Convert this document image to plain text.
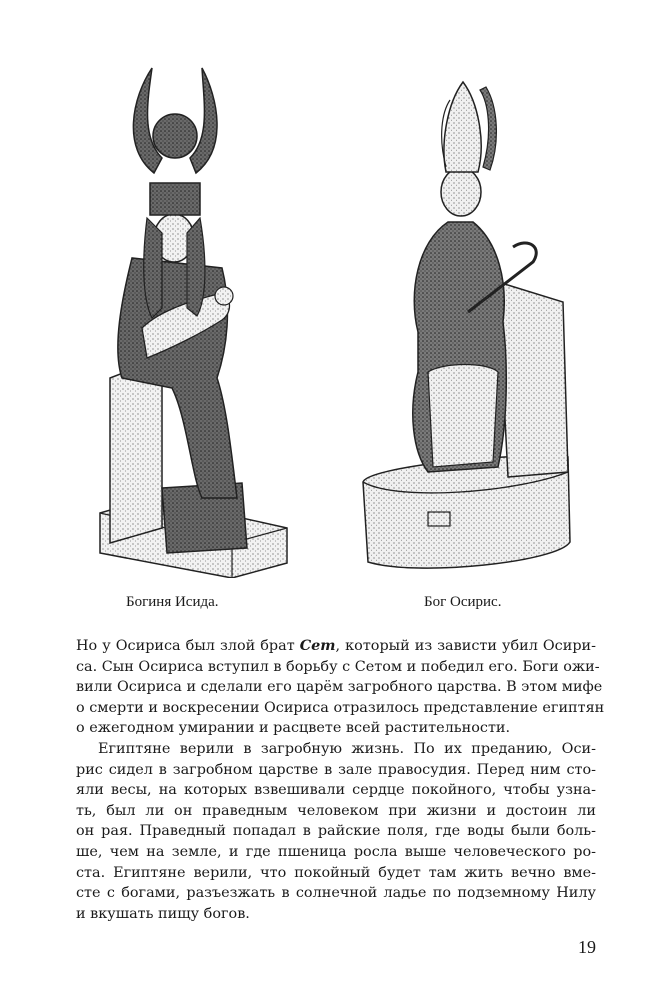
Богиня Исида.	Бог Осирис.
Но у Осириса был злой брат Сет, который из зависти убил Осири-
са. Сын Осириса вступил в борьбу с Сетом и победил его. Боги ожи-
вили Осириса и сделали его царём загробного царства. В этом мифе
о смерти и воскресении Осириса отразилось представление египтян
о ежегодном умирании и расцвете всей растительности.
Египтяне верили в загробную жизнь. По их преданию, Оси-
рис сидел в загробном царстве в зале правосудия. Перед ним сто-
яли весы, на которых взвешивали сердце покойного, чтобы узна-
ть, был ли он праведным человеком при жизни и достоин ли
он рая. Праведный попадал в райские поля, где воды были боль-
ше, чем на земле, и где пшеница росла выше человеческого ро-
ста. Египтяне верили, что покойный будет там жить вечно вме-
сте с богами, разъезжать в солнечной ладье по подземному Нилу
и вкушать пищу богов.
19
